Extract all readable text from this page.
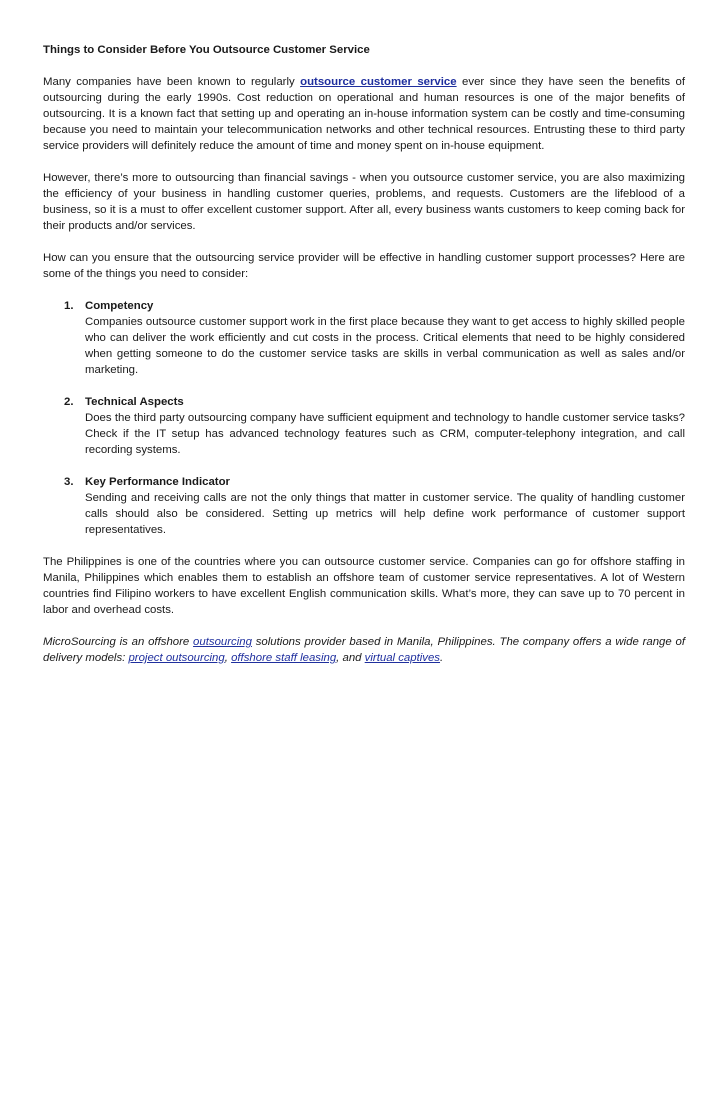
Things to Consider Before You Outsource Customer Service

Many companies have been known to regularly outsource customer service ever since they have seen the benefits of outsourcing during the early 1990s. Cost reduction on operational and human resources is one of the major benefits of outsourcing. It is a known fact that setting up and operating an in-house information system can be costly and time-consuming because you need to maintain your telecommunication networks and other technical resources. Entrusting these to third party service providers will definitely reduce the amount of time and money spent on in-house equipment.

However, there’s more to outsourcing than financial savings - when you outsource customer service, you are also maximizing the efficiency of your business in handling customer queries, problems, and requests. Customers are the lifeblood of a business, so it is a must to offer excellent customer support. After all, every business wants customers to keep coming back for their products and/or services.

How can you ensure that the outsourcing service provider will be effective in handling customer support processes? Here are some of the things you need to consider:

1. Competency
Companies outsource customer support work in the first place because they want to get access to highly skilled people who can deliver the work efficiently and cut costs in the process. Critical elements that need to be highly considered when getting someone to do the customer service tasks are skills in verbal communication as well as sales and/or marketing.
2. Technical Aspects
Does the third party outsourcing company have sufficient equipment and technology to handle customer service tasks? Check if the IT setup has advanced technology features such as CRM, computer-telephony integration, and call recording systems.
3. Key Performance Indicator
Sending and receiving calls are not the only things that matter in customer service. The quality of handling customer calls should also be considered. Setting up metrics will help define work performance of customer support representatives.

The Philippines is one of the countries where you can outsource customer service. Companies can go for offshore staffing in Manila, Philippines which enables them to establish an offshore team of customer service representatives. A lot of Western countries find Filipino workers to have excellent English communication skills. What’s more, they can save up to 70 percent in labor and overhead costs.

MicroSourcing is an offshore outsourcing solutions provider based in Manila, Philippines. The company offers a wide range of delivery models: project outsourcing, offshore staff leasing, and virtual captives.
